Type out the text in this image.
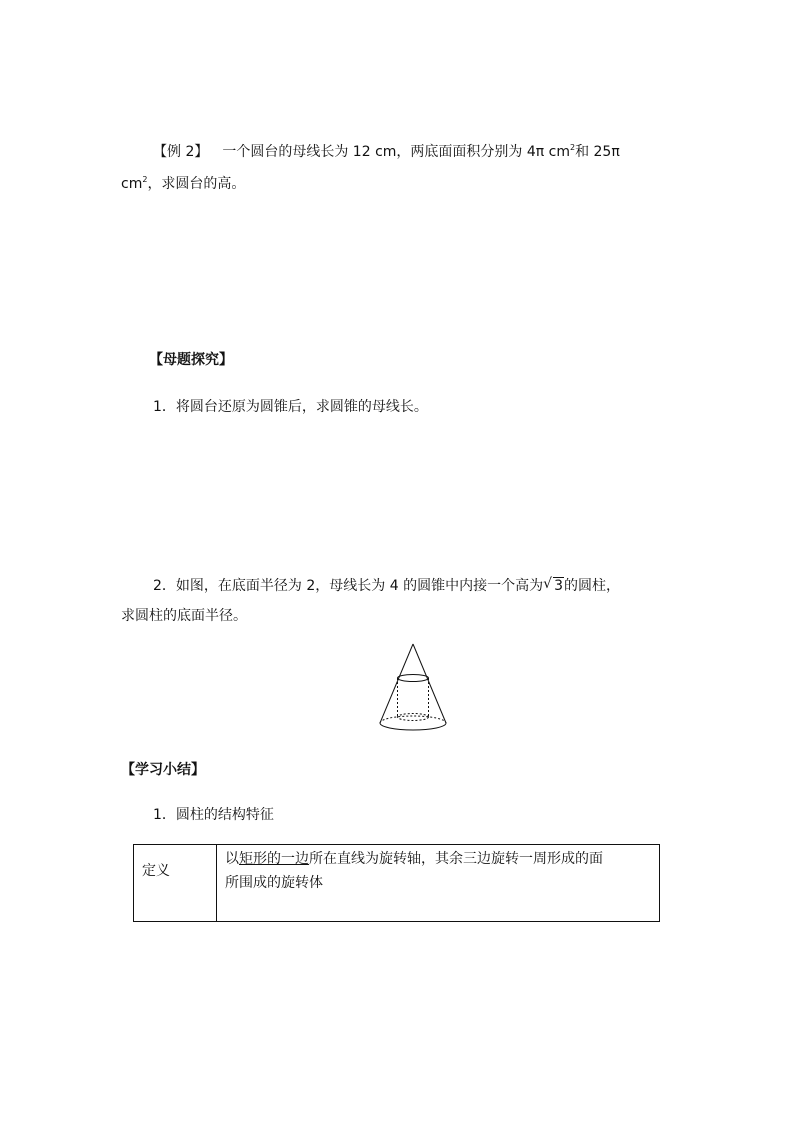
【例 2】 一个圆台的母线长为 12 cm，两底面面积分别为 4π $cm^2$和 25π
$cm^2$，求圆台的高。
【母题探究】
1．将圆台还原为圆锥后，求圆锥的母线长。
2．如图，在底面半径为 2，母线长为 4 的圆锥中内接一个高为 √ 3的圆柱，
求圆柱的底面半径。
【学习小结】
1．圆柱的结构特征
定义	以矩形的一边所在直线为旋转轴，其余三边旋转一周形成的面
所围成的旋转体
